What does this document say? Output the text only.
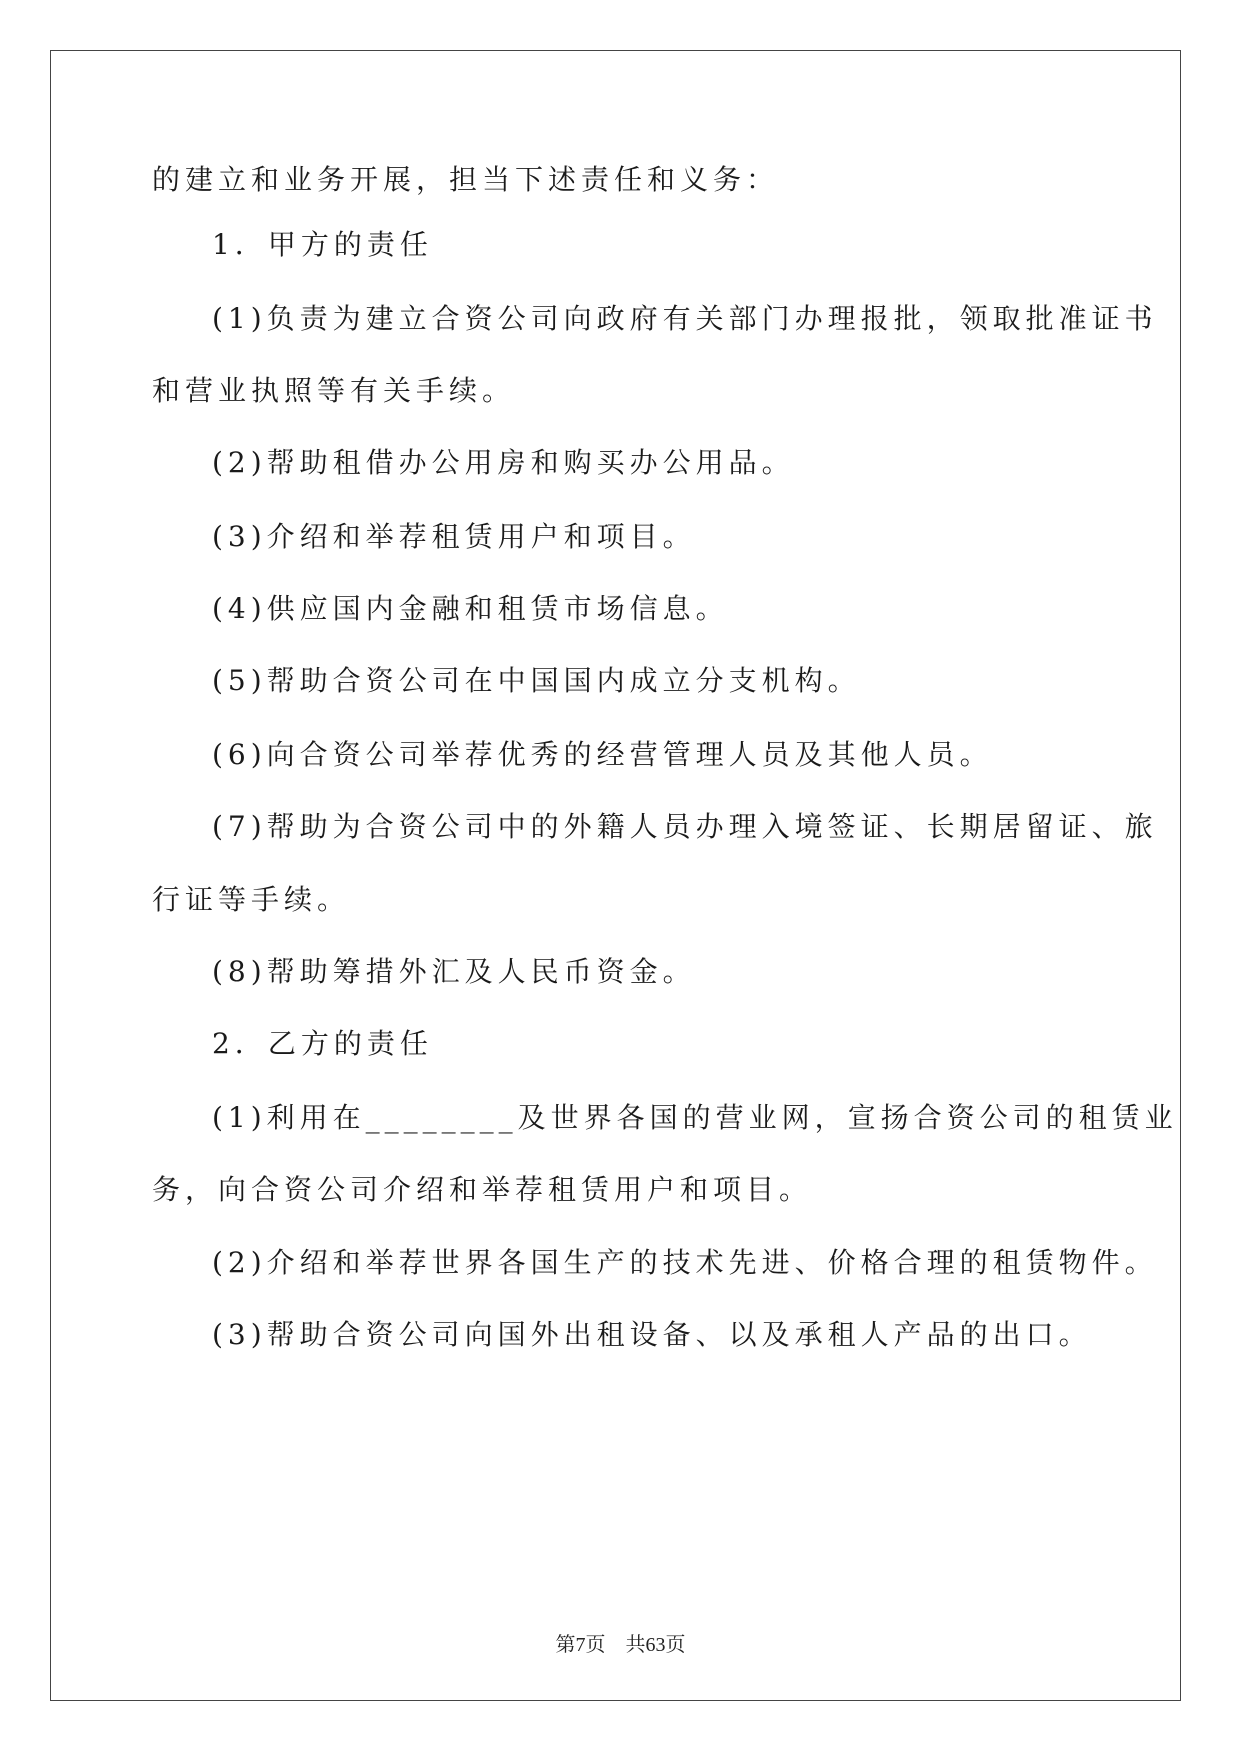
的建立和业务开展，担当下述责任和义务：
1．甲方的责任
(1)负责为建立合资公司向政府有关部门办理报批，领取批准证书
和营业执照等有关手续。
(2)帮助租借办公用房和购买办公用品。
(3)介绍和举荐租赁用户和项目。
(4)供应国内金融和租赁市场信息。
(5)帮助合资公司在中国国内成立分支机构。
(6)向合资公司举荐优秀的经营管理人员及其他人员。
(7)帮助为合资公司中的外籍人员办理入境签证、长期居留证、旅
行证等手续。
(8)帮助筹措外汇及人民币资金。
2．乙方的责任
(1)利用在________及世界各国的营业网，宣扬合资公司的租赁业
务，向合资公司介绍和举荐租赁用户和项目。
(2)介绍和举荐世界各国生产的技术先进、价格合理的租赁物件。
(3)帮助合资公司向国外出租设备、以及承租人产品的出口。
第7页    共63页
